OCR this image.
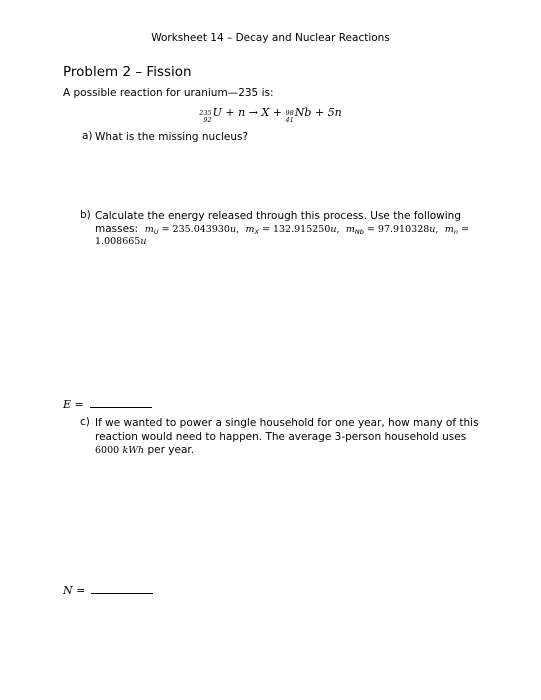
Worksheet 14 – Decay and Nuclear Reactions
Problem 2 – Fission
A possible reaction for uranium—235 is:
235
92
U + n → X + 98
41
Nb + 5n
a) What is the missing nucleus?
b) Calculate the energy released through this process. Use the following
masses:  $m_U = 235.043930u$,  $m_X = 132.915250u$,  $m_{Nb} = 97.910328u$,  $m_n$ =
1.008665u
E =
c) If we wanted to power a single household for one year, how many of this
reaction would need to happen. The average 3-person household uses
6000 kWh per year.
N =
